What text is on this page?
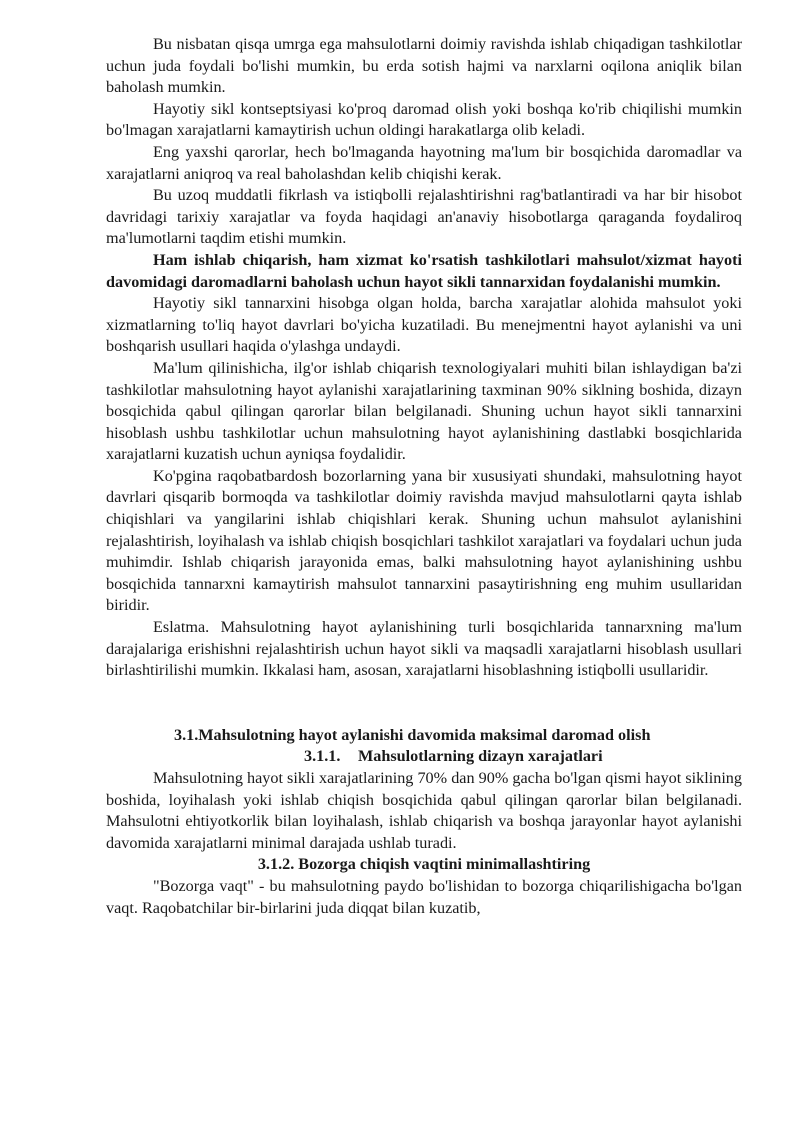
Bu nisbatan qisqa umrga ega mahsulotlarni doimiy ravishda ishlab chiqadigan tashkilotlar uchun juda foydali bo'lishi mumkin, bu erda sotish hajmi va narxlarni oqilona aniqlik bilan baholash mumkin.

Hayotiy sikl kontseptsiyasi ko'proq daromad olish yoki boshqa ko'rib chiqilishi mumkin bo'lmagan xarajatlarni kamaytirish uchun oldingi harakatlarga olib keladi.

Eng yaxshi qarorlar, hech bo'lmaganda hayotning ma'lum bir bosqichida daromadlar va xarajatlarni aniqroq va real baholashdan kelib chiqishi kerak.

Bu uzoq muddatli fikrlash va istiqbolli rejalashtirishni rag'batlantiradi va har bir hisobot davridagi tarixiy xarajatlar va foyda haqidagi an'anaviy hisobotlarga qaraganda foydaliroq ma'lumotlarni taqdim etishi mumkin.

Ham ishlab chiqarish, ham xizmat ko'rsatish tashkilotlari mahsulot/xizmat hayoti davomidagi daromadlarni baholash uchun hayot sikli tannarxidan foydalanishi mumkin.

Hayotiy sikl tannarxini hisobga olgan holda, barcha xarajatlar alohida mahsulot yoki xizmatlarning to'liq hayot davrlari bo'yicha kuzatiladi. Bu menejmentni hayot aylanishi va uni boshqarish usullari haqida o'ylashga undaydi.

Ma'lum qilinishicha, ilg'or ishlab chiqarish texnologiyalari muhiti bilan ishlaydigan ba'zi tashkilotlar mahsulotning hayot aylanishi xarajatlarining taxminan 90% siklning boshida, dizayn bosqichida qabul qilingan qarorlar bilan belgilanadi. Shuning uchun hayot sikli tannarxini hisoblash ushbu tashkilotlar uchun mahsulotning hayot aylanishining dastlabki bosqichlarida xarajatlarni kuzatish uchun ayniqsa foydalidir.

Ko'pgina raqobatbardosh bozorlarning yana bir xususiyati shundaki, mahsulotning hayot davrlari qisqarib bormoqda va tashkilotlar doimiy ravishda mavjud mahsulotlarni qayta ishlab chiqishlari va yangilarini ishlab chiqishlari kerak. Shuning uchun mahsulot aylanishini rejalashtirish, loyihalash va ishlab chiqish bosqichlari tashkilot xarajatlari va foydalari uchun juda muhimdir. Ishlab chiqarish jarayonida emas, balki mahsulotning hayot aylanishining ushbu bosqichida tannarxni kamaytirish mahsulot tannarxini pasaytirishning eng muhim usullaridan biridir.

Eslatma. Mahsulotning hayot aylanishining turli bosqichlarida tannarxning ma'lum darajalariga erishishni rejalashtirish uchun hayot sikli va maqsadli xarajatlarni hisoblash usullari birlashtirilishi mumkin. Ikkalasi ham, asosan, xarajatlarni hisoblashning istiqbolli usullaridir.

3.1.Mahsulotning hayot aylanishi davomida maksimal daromad olish
3.1.1. Mahsulotlarning dizayn xarajatlari

Mahsulotning hayot sikli xarajatlarining 70% dan 90% gacha bo'lgan qismi hayot siklining boshida, loyihalash yoki ishlab chiqish bosqichida qabul qilingan qarorlar bilan belgilanadi. Mahsulotni ehtiyotkorlik bilan loyihalash, ishlab chiqarish va boshqa jarayonlar hayot aylanishi davomida xarajatlarni minimal darajada ushlab turadi.

3.1.2. Bozorga chiqish vaqtini minimallashtiring

"Bozorga vaqt" - bu mahsulotning paydo bo'lishidan to bozorga chiqarilishigacha bo'lgan vaqt. Raqobatchilar bir-birlarini juda diqqat bilan kuzatib,
